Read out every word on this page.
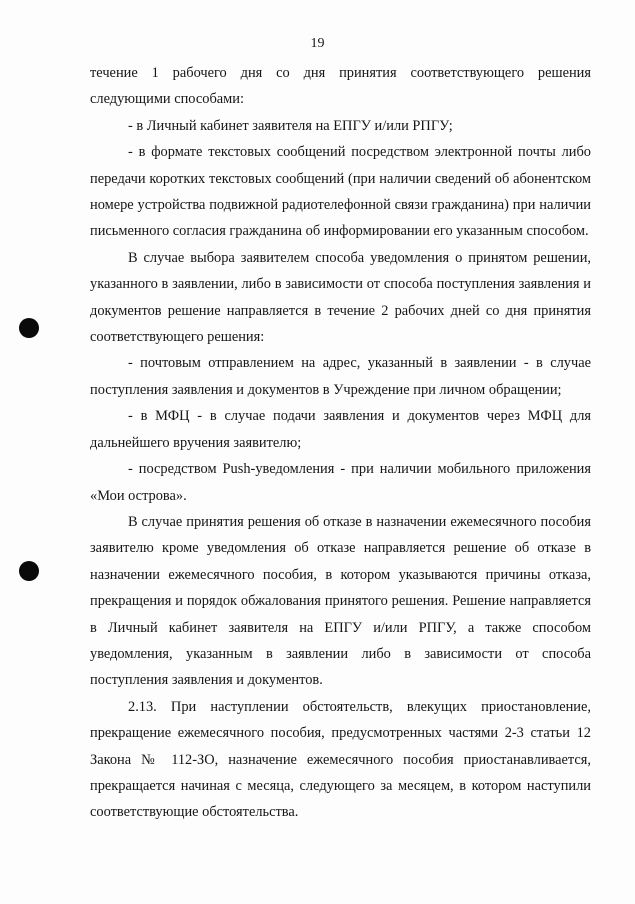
19

течение 1 рабочего дня со дня принятия соответствующего решения следующими способами:

- в Личный кабинет заявителя на ЕПГУ и/или РПГУ;

- в формате текстовых сообщений посредством электронной почты либо передачи коротких текстовых сообщений (при наличии сведений об абонентском номере устройства подвижной радиотелефонной связи гражданина) при наличии письменного согласия гражданина об информировании его указанным способом.

В случае выбора заявителем способа уведомления о принятом решении, указанного в заявлении, либо в зависимости от способа поступления заявления и документов решение направляется в течение 2 рабочих дней со дня принятия соответствующего решения:

- почтовым отправлением на адрес, указанный в заявлении - в случае поступления заявления и документов в Учреждение при личном обращении;

- в МФЦ - в случае подачи заявления и документов через МФЦ для дальнейшего вручения заявителю;

- посредством Push-уведомления - при наличии мобильного приложения «Мои острова».

В случае принятия решения об отказе в назначении ежемесячного пособия заявителю кроме уведомления об отказе направляется решение об отказе в назначении ежемесячного пособия, в котором указываются причины отказа, прекращения и порядок обжалования принятого решения. Решение направляется в Личный кабинет заявителя на ЕПГУ и/или РПГУ, а также способом уведомления, указанным в заявлении либо в зависимости от способа поступления заявления и документов.

2.13. При наступлении обстоятельств, влекущих приостановление, прекращение ежемесячного пособия, предусмотренных частями 2-3 статьи 12 Закона № 112-ЗО, назначение ежемесячного пособия приостанавливается, прекращается начиная с месяца, следующего за месяцем, в котором наступили соответствующие обстоятельства.
